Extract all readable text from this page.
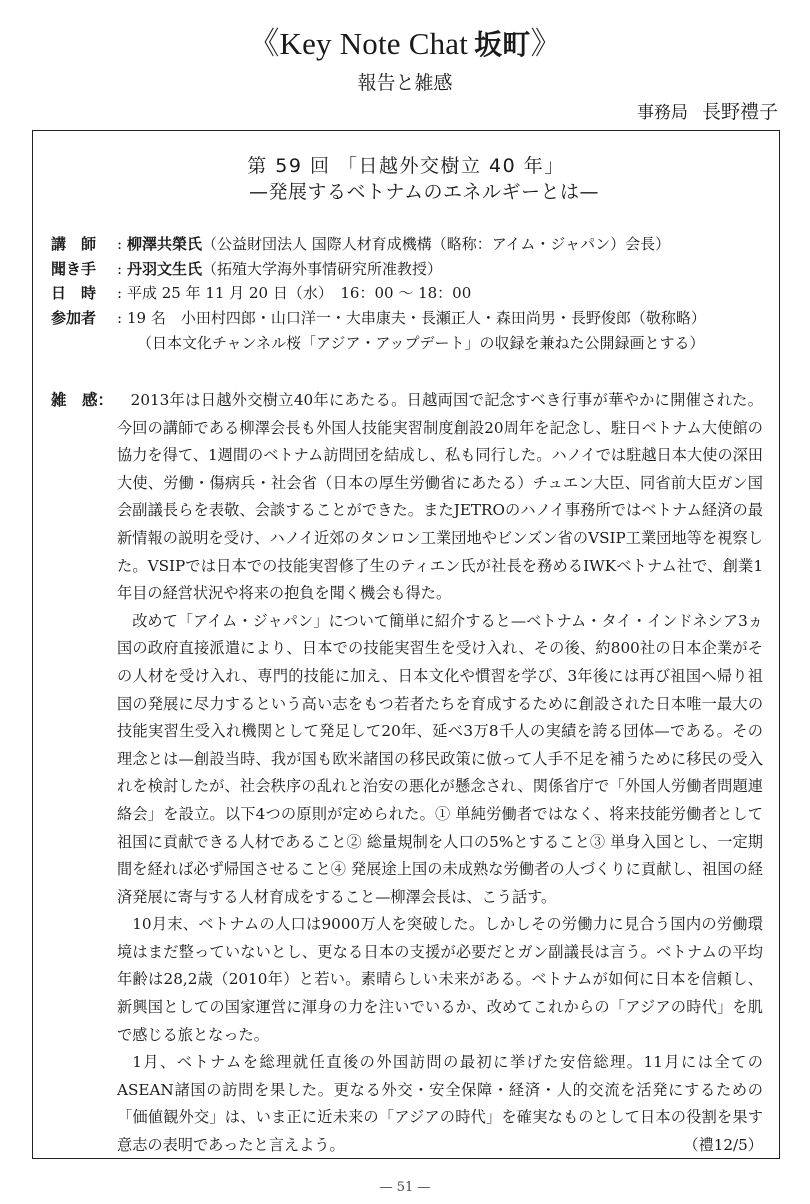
《Key Note Chat 坂町》
報告と雑感
事務局 長野禮子
第 59 回 「日越外交樹立 40 年」
—発展するベトナムのエネルギーとは—
講　師	: 柳澤共榮氏（公益財団法人 国際人材育成機構（略称：アイム・ジャパン）会長）
聞き手	: 丹羽文生氏（拓殖大学海外事情研究所准教授）
日　時	: 平成 25 年 11 月 20 日（水）　16：00 〜 18：00
参加者	: 19 名　小田村四郎・山口洋一・大串康夫・長瀬正人・森田尚男・長野俊郎（敬称略）
（日本文化チャンネル桜「アジア・アップデート」の収録を兼ねた公開録画とする）
雑　感：	2013年は日越外交樹立40年にあたる。日越両国で記念すべき行事が華やかに開催された。今回の講師である柳澤会長も外国人技能実習制度創設20周年を記念し、駐日ベトナム大使館の協力を得て、1週間のベトナム訪問団を結成し、私も同行した。ハノイでは駐越日本大使の深田大使、労働・傷病兵・社会省（日本の厚生労働省にあたる）チュエン大臣、同省前大臣ガン国会副議長らを表敬、会談することができた。またJETROのハノイ事務所ではベトナム経済の最新情報の説明を受け、ハノイ近郊のタンロン工業団地やビンズン省のVSIP工業団地等を視察した。VSIPでは日本での技能実習修了生のティエン氏が社長を務めるIWKベトナム社で、創業1年目の経営状況や将来の抱負を聞く機会も得た。

改めて「アイム・ジャパン」について簡単に紹介すると—ベトナム・タイ・インドネシア3ヵ国の政府直接派遣により、日本での技能実習生を受け入れ、その後、約800社の日本企業がその人材を受け入れ、専門的技能に加え、日本文化や慣習を学び、3年後には再び祖国へ帰り祖国の発展に尽力するという高い志をもつ若者たちを育成するために創設された日本唯一最大の技能実習生受入れ機関として発足して20年、延べ3万8千人の実績を誇る団体—である。その理念とは—創設当時、我が国も欧米諸国の移民政策に倣って人手不足を補うために移民の受入れを検討したが、社会秩序の乱れと治安の悪化が懸念され、関係省庁で「外国人労働者問題連絡会」を設立。以下4つの原則が定められた。① 単純労働者ではなく、将来技能労働者として祖国に貢献できる人材であること② 総量規制を人口の5%とすること③ 単身入国とし、一定期間を経れば必ず帰国させること④ 発展途上国の未成熟な労働者の人づくりに貢献し、祖国の経済発展に寄与する人材育成をすること—柳澤会長は、こう話す。

10月末、ベトナムの人口は9000万人を突破した。しかしその労働力に見合う国内の労働環境はまだ整っていないとし、更なる日本の支援が必要だとガン副議長は言う。ベトナムの平均年齢は28,2歳（2010年）と若い。素晴らしい未来がある。ベトナムが如何に日本を信頼し、新興国としての国家運営に渾身の力を注いでいるか、改めてこれからの「アジアの時代」を肌で感じる旅となった。

1月、ベトナムを総理就任直後の外国訪問の最初に挙げた安倍総理。11月には全てのASEAN諸国の訪問を果した。更なる外交・安全保障・経済・人的交流を活発にするための「価値観外交」は、いま正に近未来の「アジアの時代」を確実なものとして日本の役割を果す意志の表明であったと言えよう。	（禮12/5）

— 51 —
